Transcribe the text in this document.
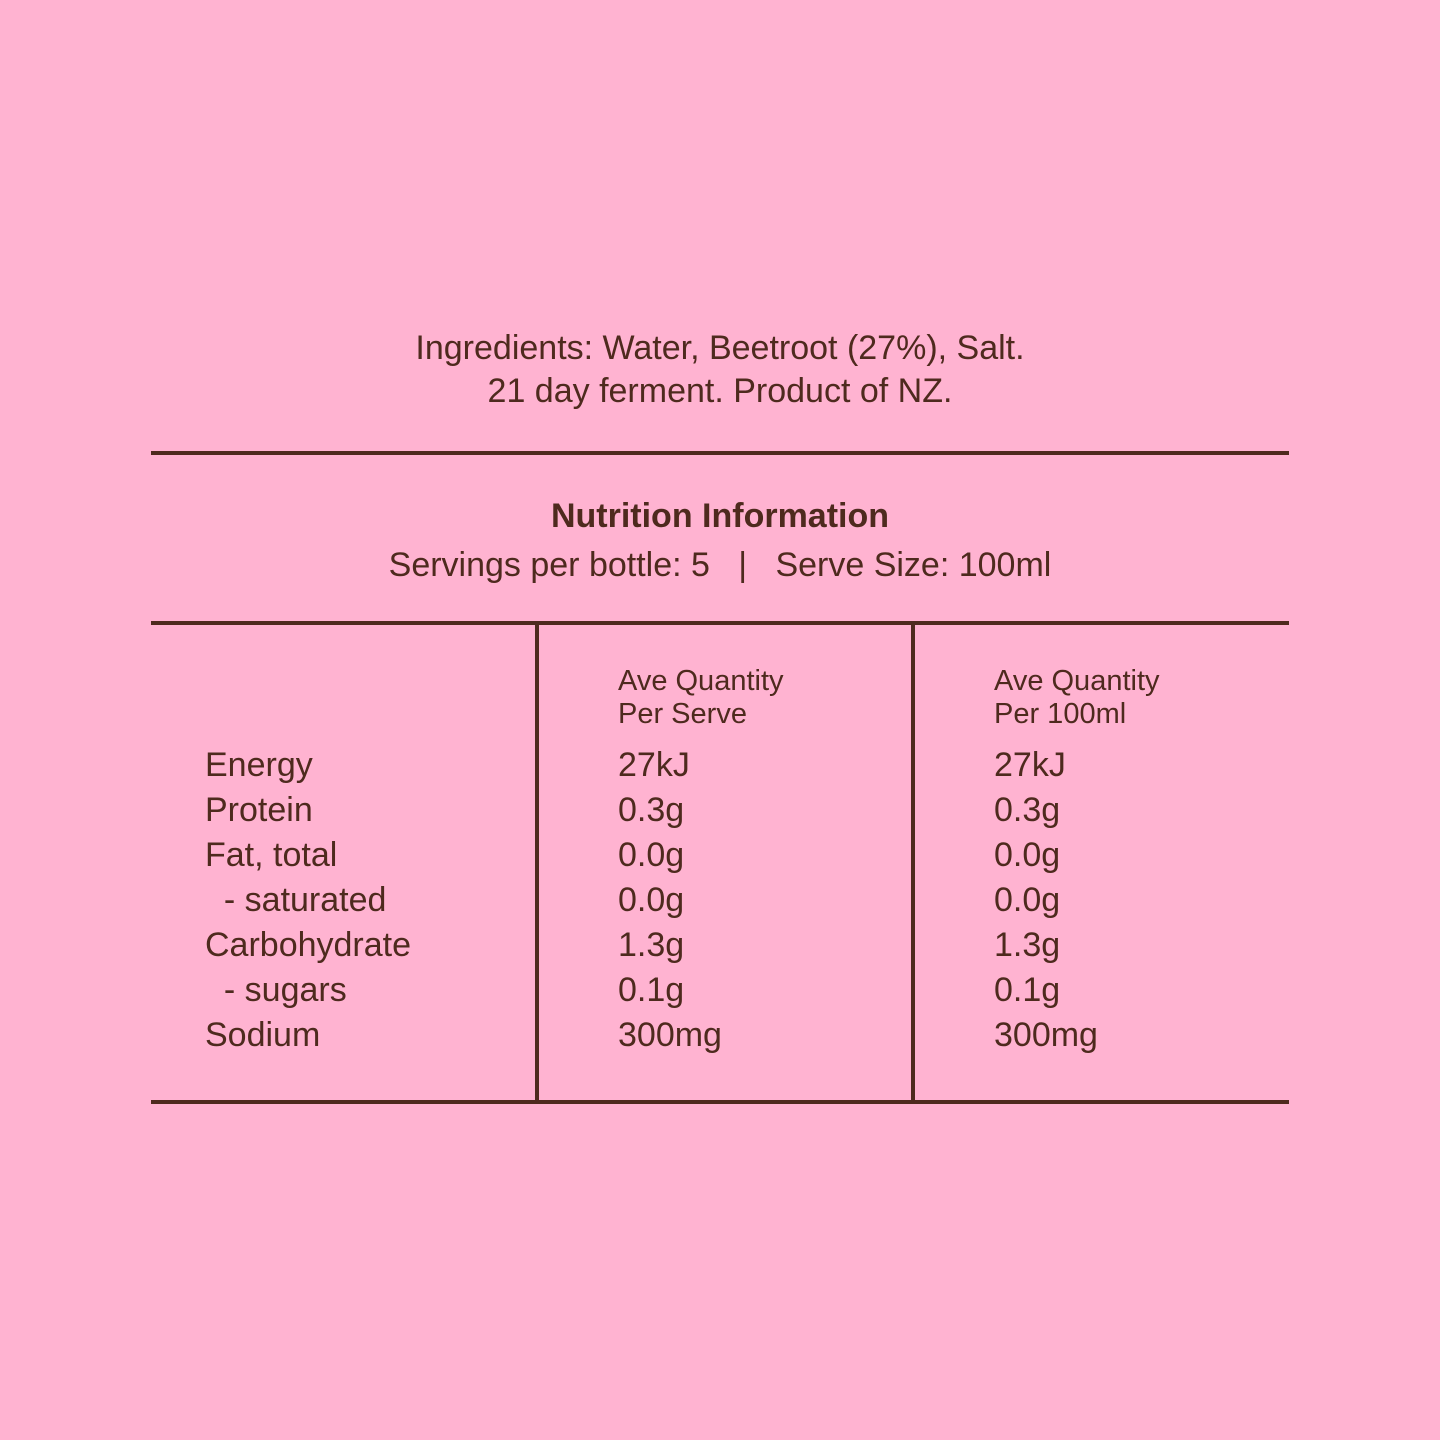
Ingredients: Water, Beetroot (27%), Salt.
21 day ferment. Product of NZ.
Nutrition Information
Servings per bottle: 5   |   Serve Size: 100ml
Ave Quantity
Per Serve
Ave Quantity
Per 100ml
Energy	27kJ	27kJ
Protein	0.3g	0.3g
Fat, total	0.0g	0.0g
- saturated	0.0g	0.0g
Carbohydrate	1.3g	1.3g
- sugars	0.1g	0.1g
Sodium	300mg	300mg
